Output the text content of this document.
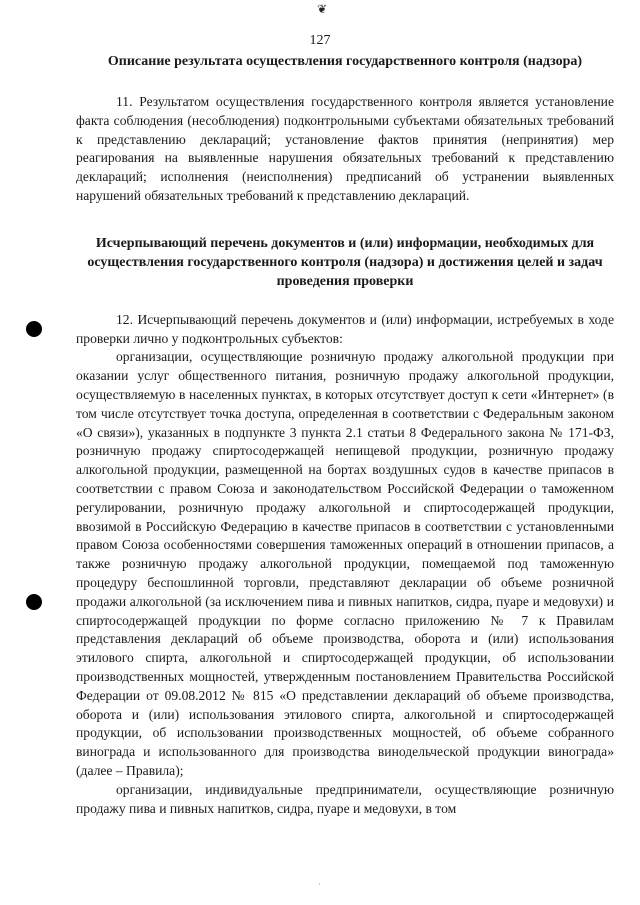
❦
127
Описание результата осуществления государственного контроля (надзора)

11. Результатом осуществления государственного контроля является установление факта соблюдения (несоблюдения) подконтрольными субъектами обязательных требований к представлению деклараций; установление фактов принятия (непринятия) мер реагирования на выявленные нарушения обязательных требований к представлению деклараций; исполнения (неисполнения) предписаний об устранении выявленных нарушений обязательных требований к представлению деклараций.

Исчерпывающий перечень документов и (или) информации, необходимых для осуществления государственного контроля (надзора) и достижения целей и задач проведения проверки

12. Исчерпывающий перечень документов и (или) информации, истребуемых в ходе проверки лично у подконтрольных субъектов:

организации, осуществляющие розничную продажу алкогольной продукции при оказании услуг общественного питания, розничную продажу алкогольной продукции, осуществляемую в населенных пунктах, в которых отсутствует доступ к сети «Интернет» (в том числе отсутствует точка доступа, определенная в соответствии с Федеральным законом «О связи»), указанных в подпункте 3 пункта 2.1 статьи 8 Федерального закона № 171-ФЗ, розничную продажу спиртосодержащей непищевой продукции, розничную продажу алкогольной продукции, размещенной на бортах воздушных судов в качестве припасов в соответствии с правом Союза и законодательством Российской Федерации о таможенном регулировании, розничную продажу алкогольной и спиртосодержащей продукции, ввозимой в Российскую Федерацию в качестве припасов в соответствии с установленными правом Союза особенностями совершения таможенных операций в отношении припасов, а также розничную продажу алкогольной продукции, помещаемой под таможенную процедуру беспошлинной торговли, представляют декларации об объеме розничной продажи алкогольной (за исключением пива и пивных напитков, сидра, пуаре и медовухи) и спиртосодержащей продукции по форме согласно приложению № 7 к Правилам представления деклараций об объеме производства, оборота и (или) использования этилового спирта, алкогольной и спиртосодержащей продукции, об использовании производственных мощностей, утвержденным постановлением Правительства Российской Федерации от 09.08.2012 № 815 «О представлении деклараций об объеме производства, оборота и (или) использования этилового спирта, алкогольной и спиртосодержащей продукции, об использовании производственных мощностей, об объеме собранного винограда и использованного для производства винодельческой продукции винограда» (далее – Правила);

организации, индивидуальные предприниматели, осуществляющие розничную продажу пива и пивных напитков, сидра, пуаре и медовухи, в том

·
